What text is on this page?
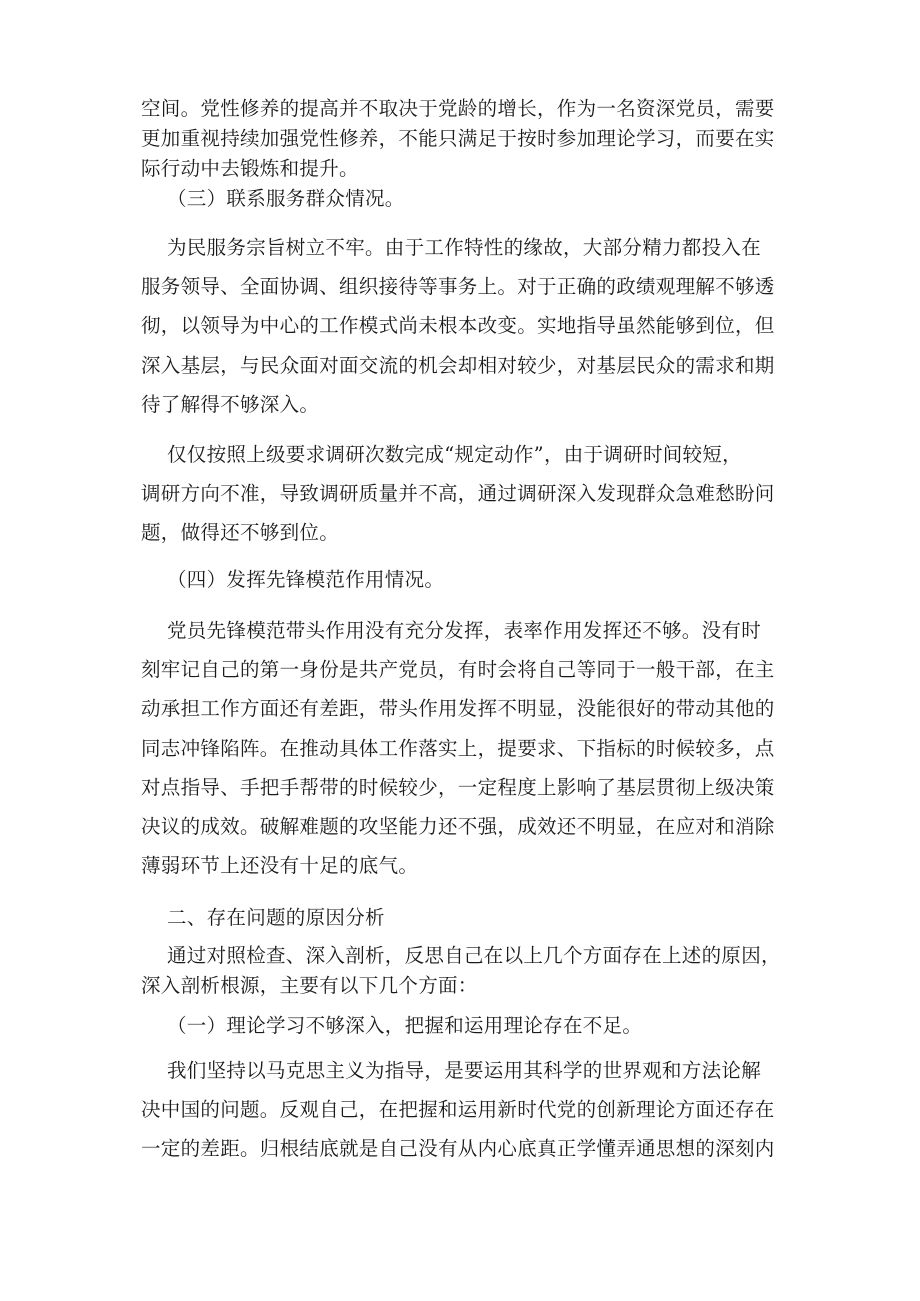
空间。党性修养的提高并不取决于党龄的增长，作为一名资深党员，需要
更加重视持续加强党性修养，不能只满足于按时参加理论学习，而要在实
际行动中去锻炼和提升。

（三）联系服务群众情况。

为民服务宗旨树立不牢。由于工作特性的缘故，大部分精力都投入在
服务领导、全面协调、组织接待等事务上。对于正确的政绩观理解不够透
彻，以领导为中心的工作模式尚未根本改变。实地指导虽然能够到位，但
深入基层，与民众面对面交流的机会却相对较少，对基层民众的需求和期
待了解得不够深入。

仅仅按照上级要求调研次数完成“规定动作”，由于调研时间较短，
调研方向不准，导致调研质量并不高，通过调研深入发现群众急难愁盼问
题，做得还不够到位。

（四）发挥先锋模范作用情况。

党员先锋模范带头作用没有充分发挥，表率作用发挥还不够。没有时
刻牢记自己的第一身份是共产党员，有时会将自己等同于一般干部，在主
动承担工作方面还有差距，带头作用发挥不明显，没能很好的带动其他的
同志冲锋陷阵。在推动具体工作落实上，提要求、下指标的时候较多，点
对点指导、手把手帮带的时候较少，一定程度上影响了基层贯彻上级决策
决议的成效。破解难题的攻坚能力还不强，成效还不明显，在应对和消除
薄弱环节上还没有十足的底气。

二、存在问题的原因分析

通过对照检查、深入剖析，反思自己在以上几个方面存在上述的原因，
深入剖析根源，主要有以下几个方面：

（一）理论学习不够深入，把握和运用理论存在不足。

我们坚持以马克思主义为指导，是要运用其科学的世界观和方法论解
决中国的问题。反观自己，在把握和运用新时代党的创新理论方面还存在
一定的差距。归根结底就是自己没有从内心底真正学懂弄通思想的深刻内
